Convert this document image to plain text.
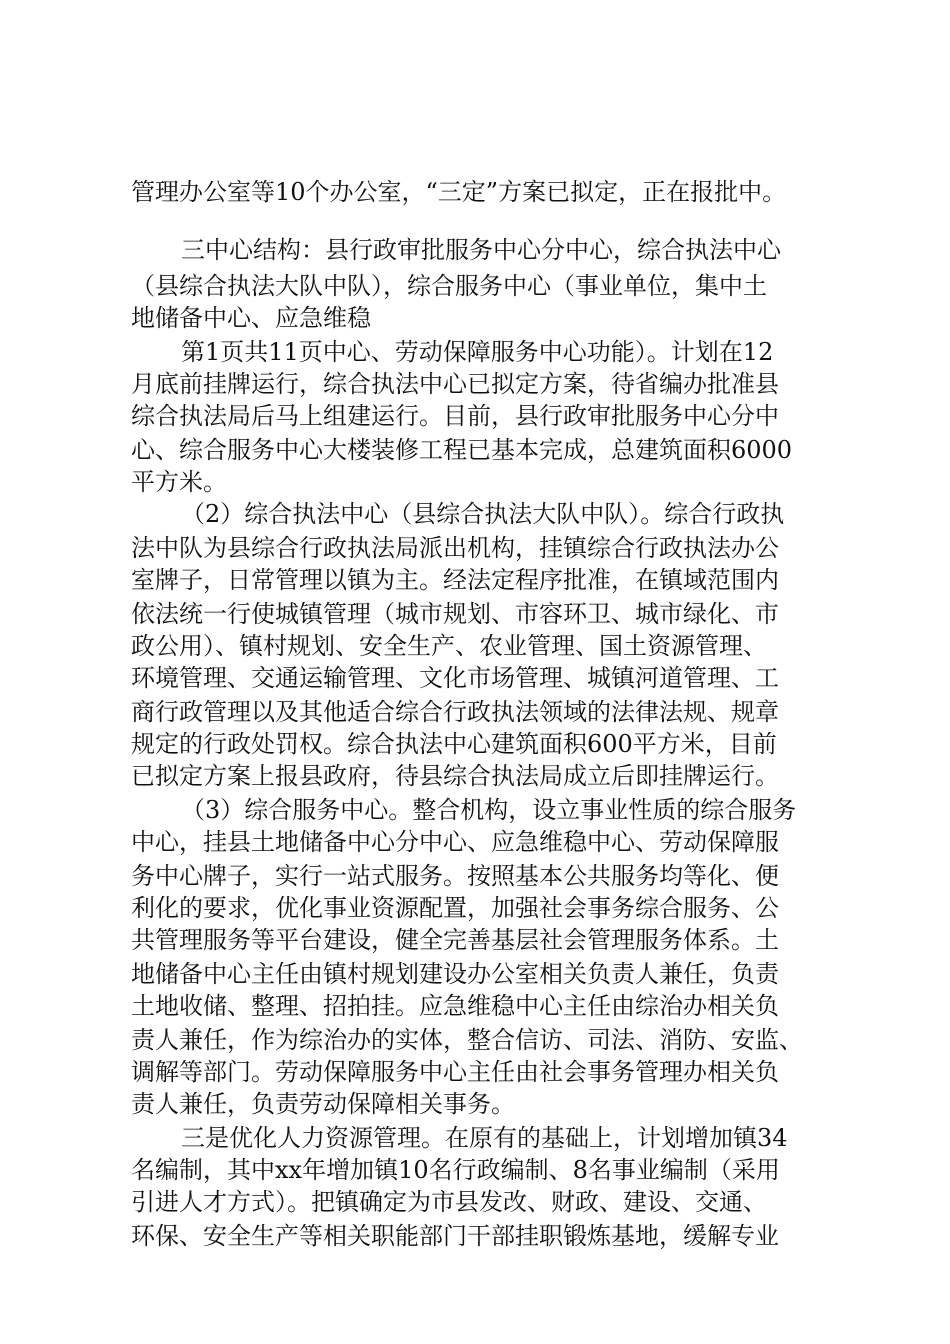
管理办公室等10个办公室，“三定”方案已拟定，正在报批中。
三中心结构：县行政审批服务中心分中心，综合执法中心
（县综合执法大队中队），综合服务中心（事业单位，集中土
地储备中心、应急维稳
第1页共11页中心、劳动保障服务中心功能）。计划在12
月底前挂牌运行，综合执法中心已拟定方案，待省编办批准县
综合执法局后马上组建运行。目前，县行政审批服务中心分中
心、综合服务中心大楼装修工程已基本完成，总建筑面积6000
平方米。
（2）综合执法中心（县综合执法大队中队）。综合行政执
法中队为县综合行政执法局派出机构，挂镇综合行政执法办公
室牌子，日常管理以镇为主。经法定程序批准，在镇域范围内
依法统一行使城镇管理（城市规划、市容环卫、城市绿化、市
政公用）、镇村规划、安全生产、农业管理、国土资源管理、
环境管理、交通运输管理、文化市场管理、城镇河道管理、工
商行政管理以及其他适合综合行政执法领域的法律法规、规章
规定的行政处罚权。综合执法中心建筑面积600平方米，目前
已拟定方案上报县政府，待县综合执法局成立后即挂牌运行。
（3）综合服务中心。整合机构，设立事业性质的综合服务
中心，挂县土地储备中心分中心、应急维稳中心、劳动保障服
务中心牌子，实行一站式服务。按照基本公共服务均等化、便
利化的要求，优化事业资源配置，加强社会事务综合服务、公
共管理服务等平台建设，健全完善基层社会管理服务体系。土
地储备中心主任由镇村规划建设办公室相关负责人兼任，负责
土地收储、整理、招拍挂。应急维稳中心主任由综治办相关负
责人兼任，作为综治办的实体，整合信访、司法、消防、安监、
调解等部门。劳动保障服务中心主任由社会事务管理办相关负
责人兼任，负责劳动保障相关事务。
三是优化人力资源管理。在原有的基础上，计划增加镇34
名编制，其中xx年增加镇10名行政编制、8名事业编制（采用
引进人才方式）。把镇确定为市县发改、财政、建设、交通、
环保、安全生产等相关职能部门干部挂职锻炼基地，缓解专业
